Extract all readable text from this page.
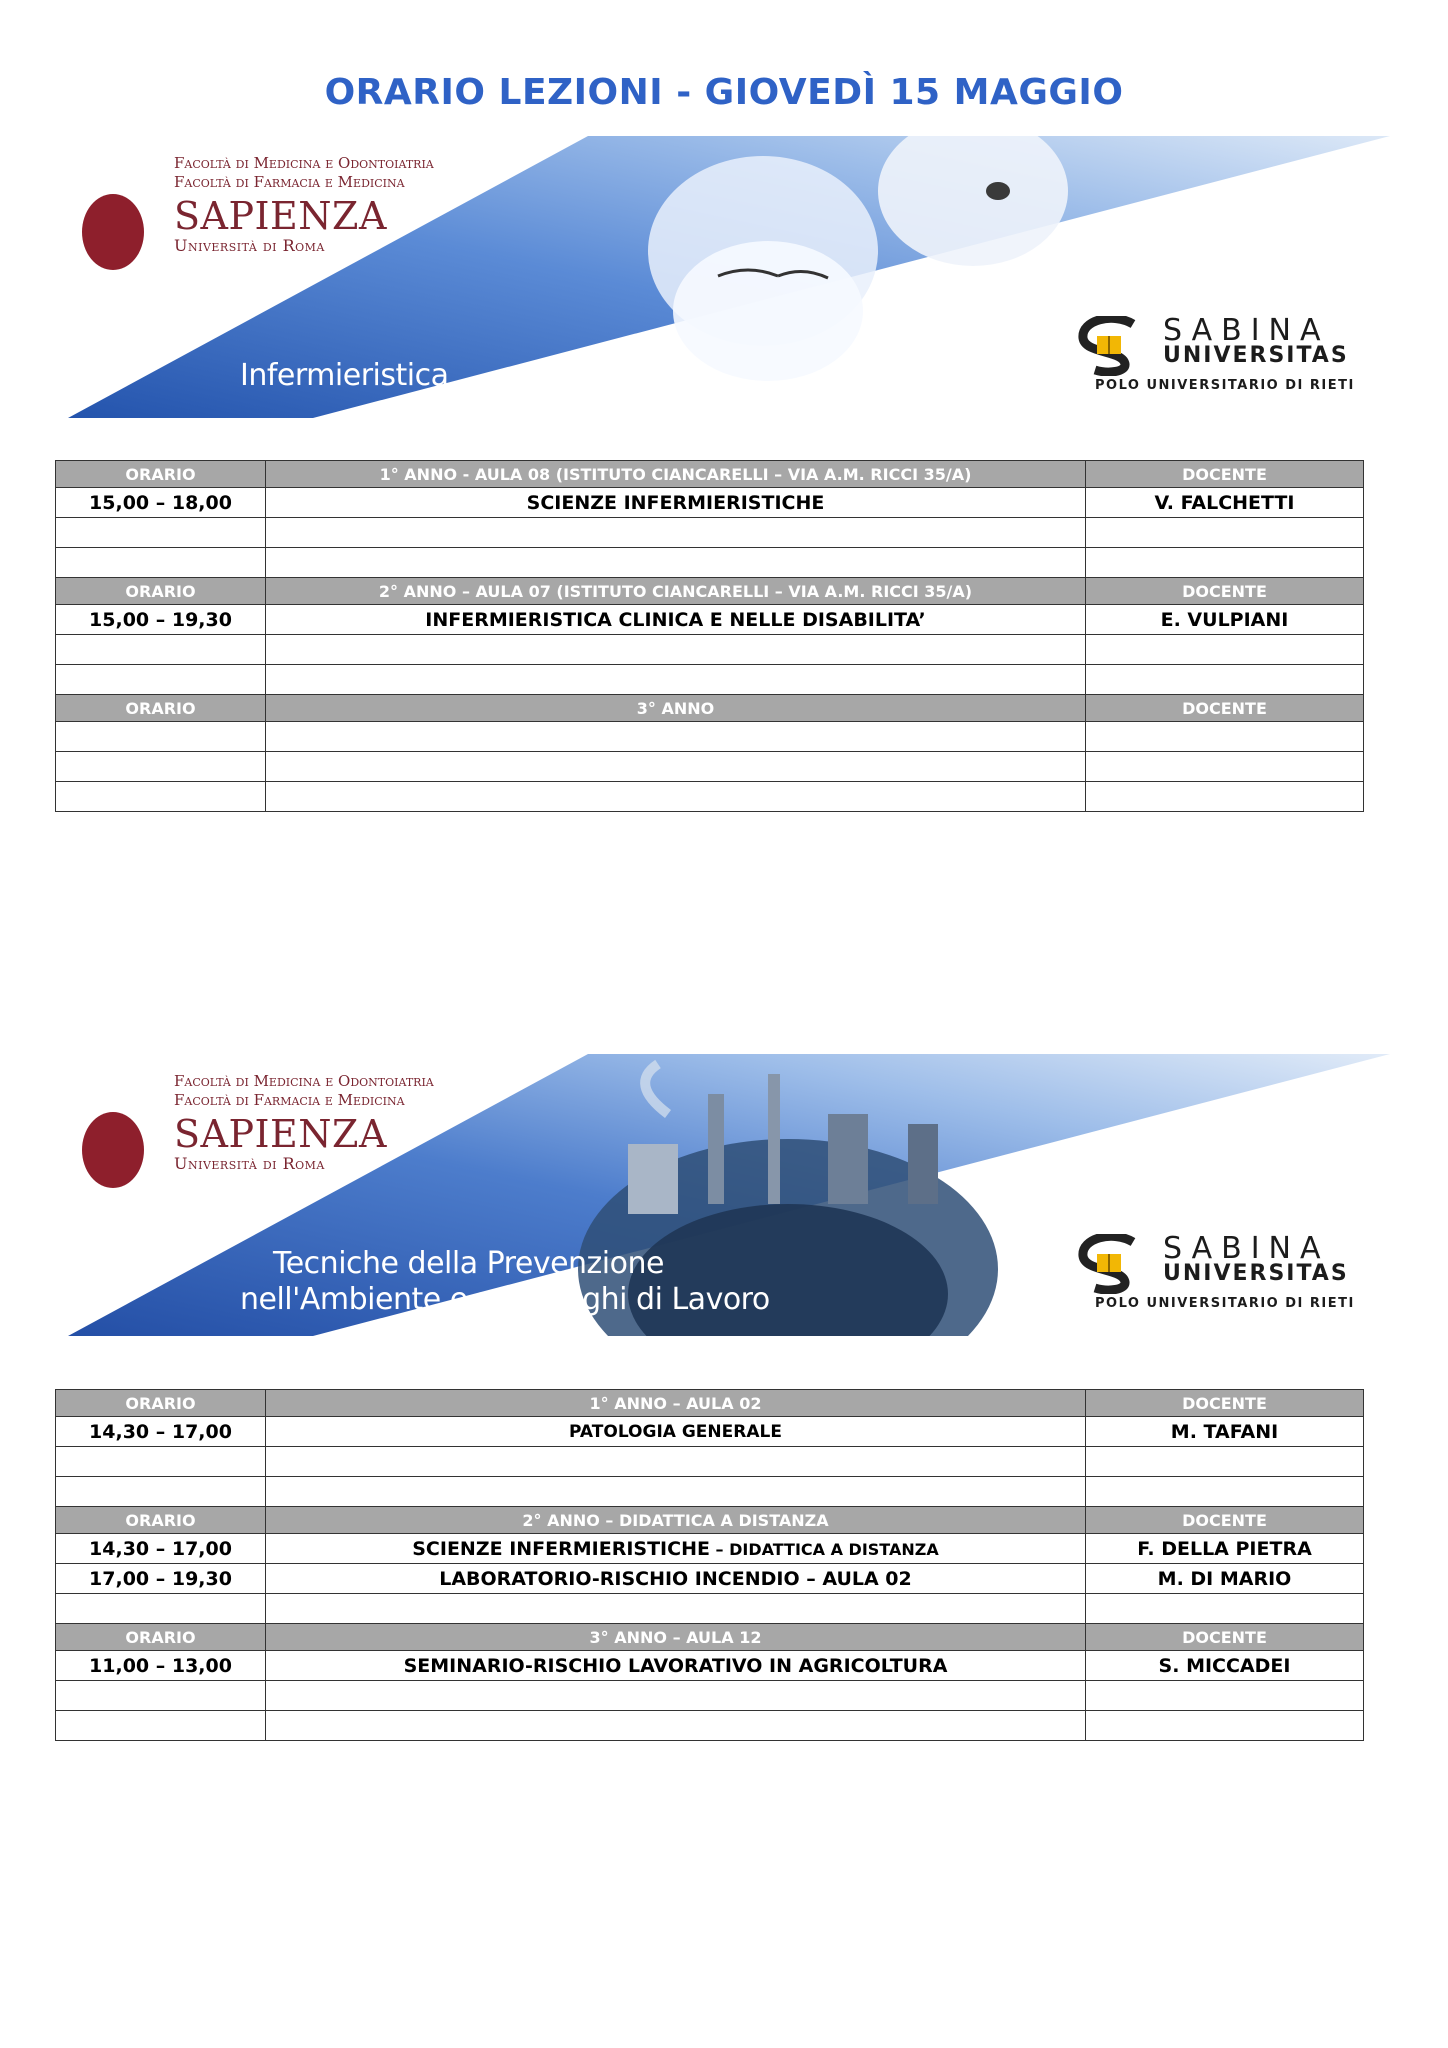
ORARIO LEZIONI - GIOVEDÌ 15 MAGGIO
Facoltà di Medicina e Odontoiatria
Facoltà di Farmacia e Medicina
SAPIENZA
Università di Roma
Infermieristica
SABINA
UNIVERSITAS
POLO UNIVERSITARIO DI RIETI
ORARIO	1° ANNO - AULA 08 (ISTITUTO CIANCARELLI – VIA A.M. RICCI 35/A)	DOCENTE
15,00 – 18,00	SCIENZE INFERMIERISTICHE	V. FALCHETTI

ORARIO	2° ANNO – AULA 07 (ISTITUTO CIANCARELLI – VIA A.M. RICCI 35/A)	DOCENTE
15,00 – 19,30	INFERMIERISTICA CLINICA E NELLE DISABILITA’	E. VULPIANI

ORARIO	3° ANNO	DOCENTE

Facoltà di Medicina e Odontoiatria
Facoltà di Farmacia e Medicina
SAPIENZA
Università di Roma
Tecniche della Prevenzione
nell'Ambiente e nei Luoghi di Lavoro
SABINA
UNIVERSITAS
POLO UNIVERSITARIO DI RIETI
ORARIO	1° ANNO – AULA 02	DOCENTE
14,30 – 17,00	PATOLOGIA GENERALE	M. TAFANI

ORARIO	2° ANNO – DIDATTICA A DISTANZA	DOCENTE
14,30 – 17,00	SCIENZE INFERMIERISTICHE – DIDATTICA A DISTANZA	F. DELLA PIETRA
17,00 – 19,30	LABORATORIO-RISCHIO INCENDIO – AULA 02	M. DI MARIO

ORARIO	3° ANNO – AULA 12	DOCENTE
11,00 – 13,00	SEMINARIO-RISCHIO LAVORATIVO IN AGRICOLTURA	S. MICCADEI
